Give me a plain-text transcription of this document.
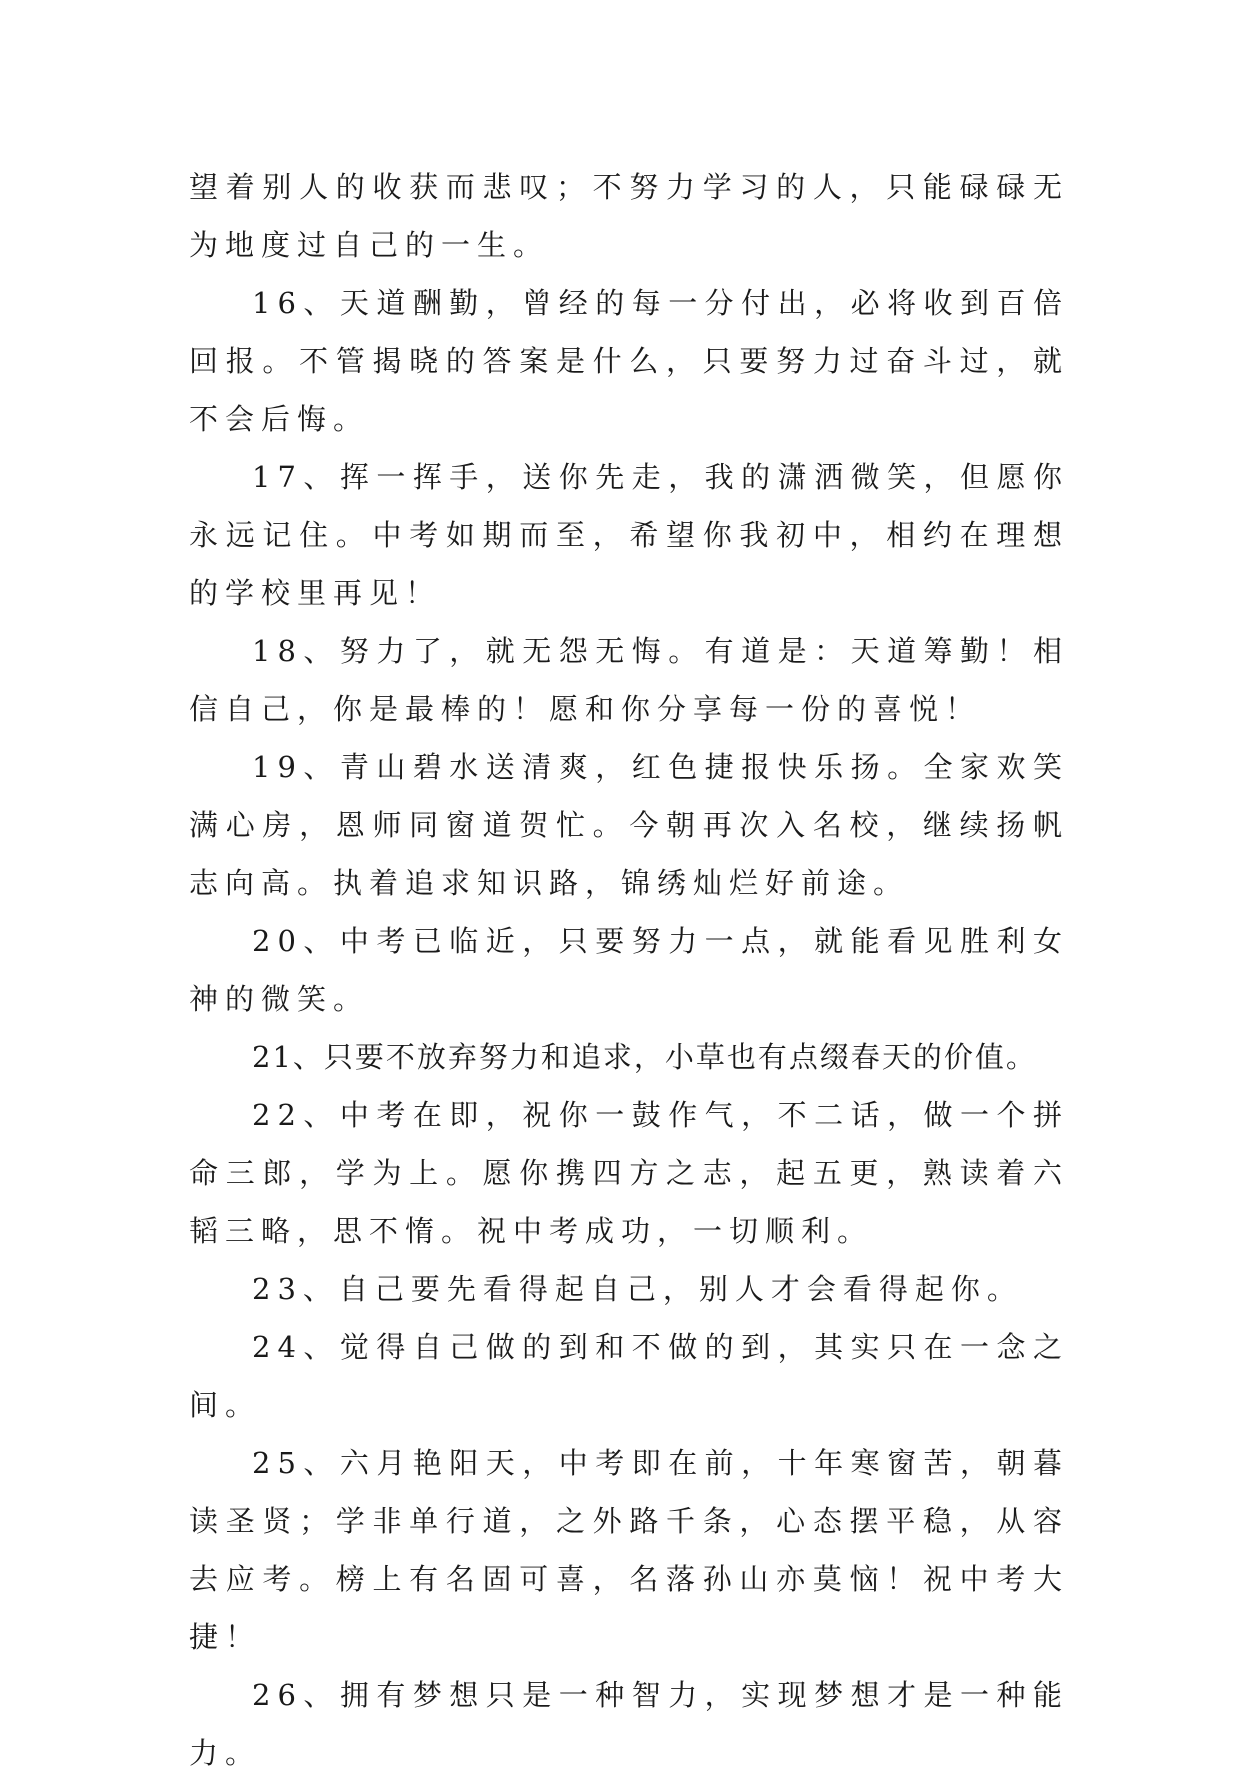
望着别人的收获而悲叹；不努力学习的人，只能碌碌无为地度过自己的一生。

16、天道酬勤，曾经的每一分付出，必将收到百倍回报。不管揭晓的答案是什么，只要努力过奋斗过，就不会后悔。

17、挥一挥手，送你先走，我的潇洒微笑，但愿你永远记住。中考如期而至，希望你我初中，相约在理想的学校里再见！

18、努力了，就无怨无悔。有道是：天道筹勤！相信自己，你是最棒的！愿和你分享每一份的喜悦！

19、青山碧水送清爽，红色捷报快乐扬。全家欢笑满心房，恩师同窗道贺忙。今朝再次入名校，继续扬帆志向高。执着追求知识路，锦绣灿烂好前途。

20、中考已临近，只要努力一点，就能看见胜利女神的微笑。

21、只要不放弃努力和追求，小草也有点缀春天的价值。

22、中考在即，祝你一鼓作气，不二话，做一个拼命三郎，学为上。愿你携四方之志，起五更，熟读着六韬三略，思不惰。祝中考成功，一切顺利。

23、自己要先看得起自己，别人才会看得起你。

24、觉得自己做的到和不做的到，其实只在一念之间。

25、六月艳阳天，中考即在前，十年寒窗苦，朝暮读圣贤；学非单行道，之外路千条，心态摆平稳，从容去应考。榜上有名固可喜，名落孙山亦莫恼！祝中考大捷！

26、拥有梦想只是一种智力，实现梦想才是一种能力。
